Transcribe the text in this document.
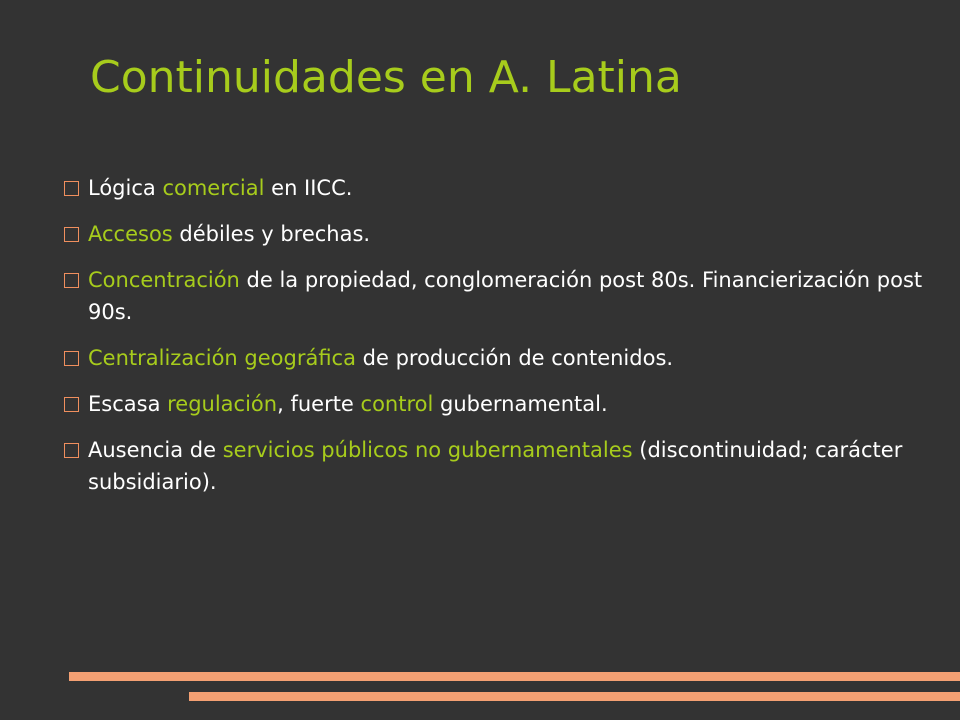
Continuidades en A. Latina
Lógica comercial en IICC.
Accesos débiles y brechas.
Concentración de la propiedad, conglomeración post 80s. Financierización post 90s.
Centralización geográfica de producción de contenidos.
Escasa regulación, fuerte control gubernamental.
Ausencia de servicios públicos no gubernamentales (discontinuidad; carácter subsidiario).
